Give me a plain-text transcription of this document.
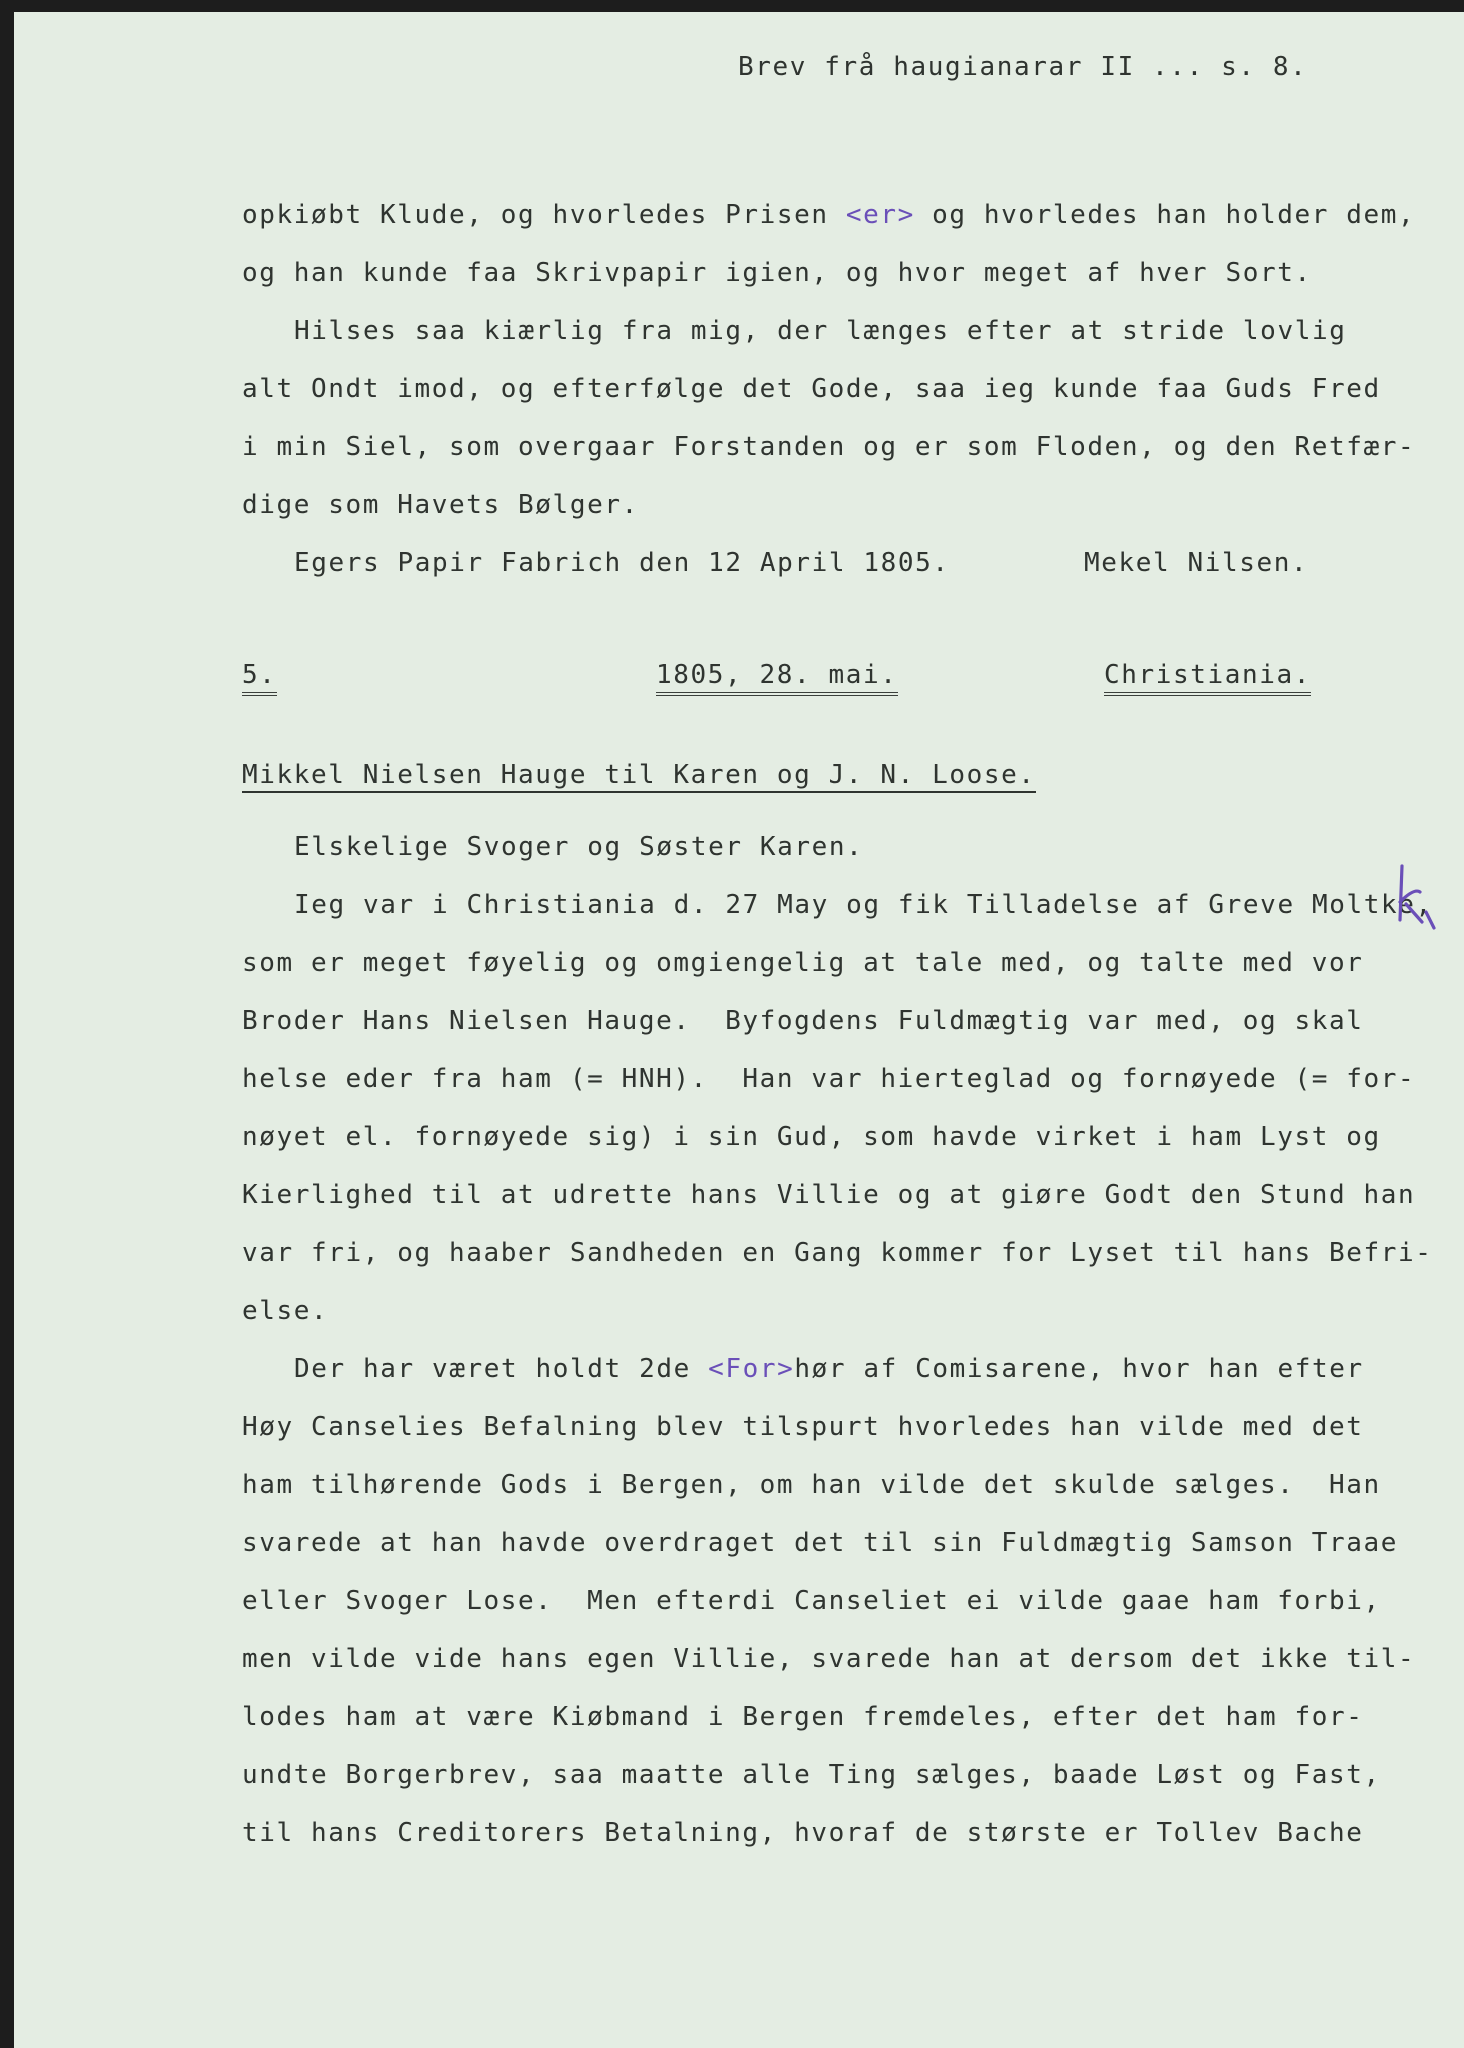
Brev frå haugianarar II ... s. 8.
opkiøbt Klude, og hvorledes Prisen <er> og hvorledes han holder dem,
og han kunde faa Skrivpapir igien, og hvor meget af hver Sort.
Hilses saa kiærlig fra mig, der længes efter at stride lovlig
alt Ondt imod, og efterfølge det Gode, saa ieg kunde faa Guds Fred
i min Siel, som overgaar Forstanden og er som Floden, og den Retfær-
dige som Havets Bølger.
Egers Papir Fabrich den 12 April 1805.	Mekel Nilsen.
5.	1805, 28. mai.	Christiania.
Mikkel Nielsen Hauge til Karen og J. N. Loose.
Elskelige Svoger og Søster Karen.
Ieg var i Christiania d. 27 May og fik Tilladelse af Greve Moltke,
som er meget føyelig og omgiengelig at tale med, og talte med vor
Broder Hans Nielsen Hauge.  Byfogdens Fuldmægtig var med, og skal
helse eder fra ham (= HNH).  Han var hierteglad og fornøyede (= for-
nøyet el. fornøyede sig) i sin Gud, som havde virket i ham Lyst og
Kierlighed til at udrette hans Villie og at giøre Godt den Stund han
var fri, og haaber Sandheden en Gang kommer for Lyset til hans Befri-
else.
Der har været holdt 2de <For>hør af Comisarene, hvor han efter
Høy Canselies Befalning blev tilspurt hvorledes han vilde med det
ham tilhørende Gods i Bergen, om han vilde det skulde sælges.  Han
svarede at han havde overdraget det til sin Fuldmægtig Samson Traae
eller Svoger Lose.  Men efterdi Canseliet ei vilde gaae ham forbi,
men vilde vide hans egen Villie, svarede han at dersom det ikke til-
lodes ham at være Kiøbmand i Bergen fremdeles, efter det ham for-
undte Borgerbrev, saa maatte alle Ting sælges, baade Løst og Fast,
til hans Creditorers Betalning, hvoraf de største er Tollev Bache
